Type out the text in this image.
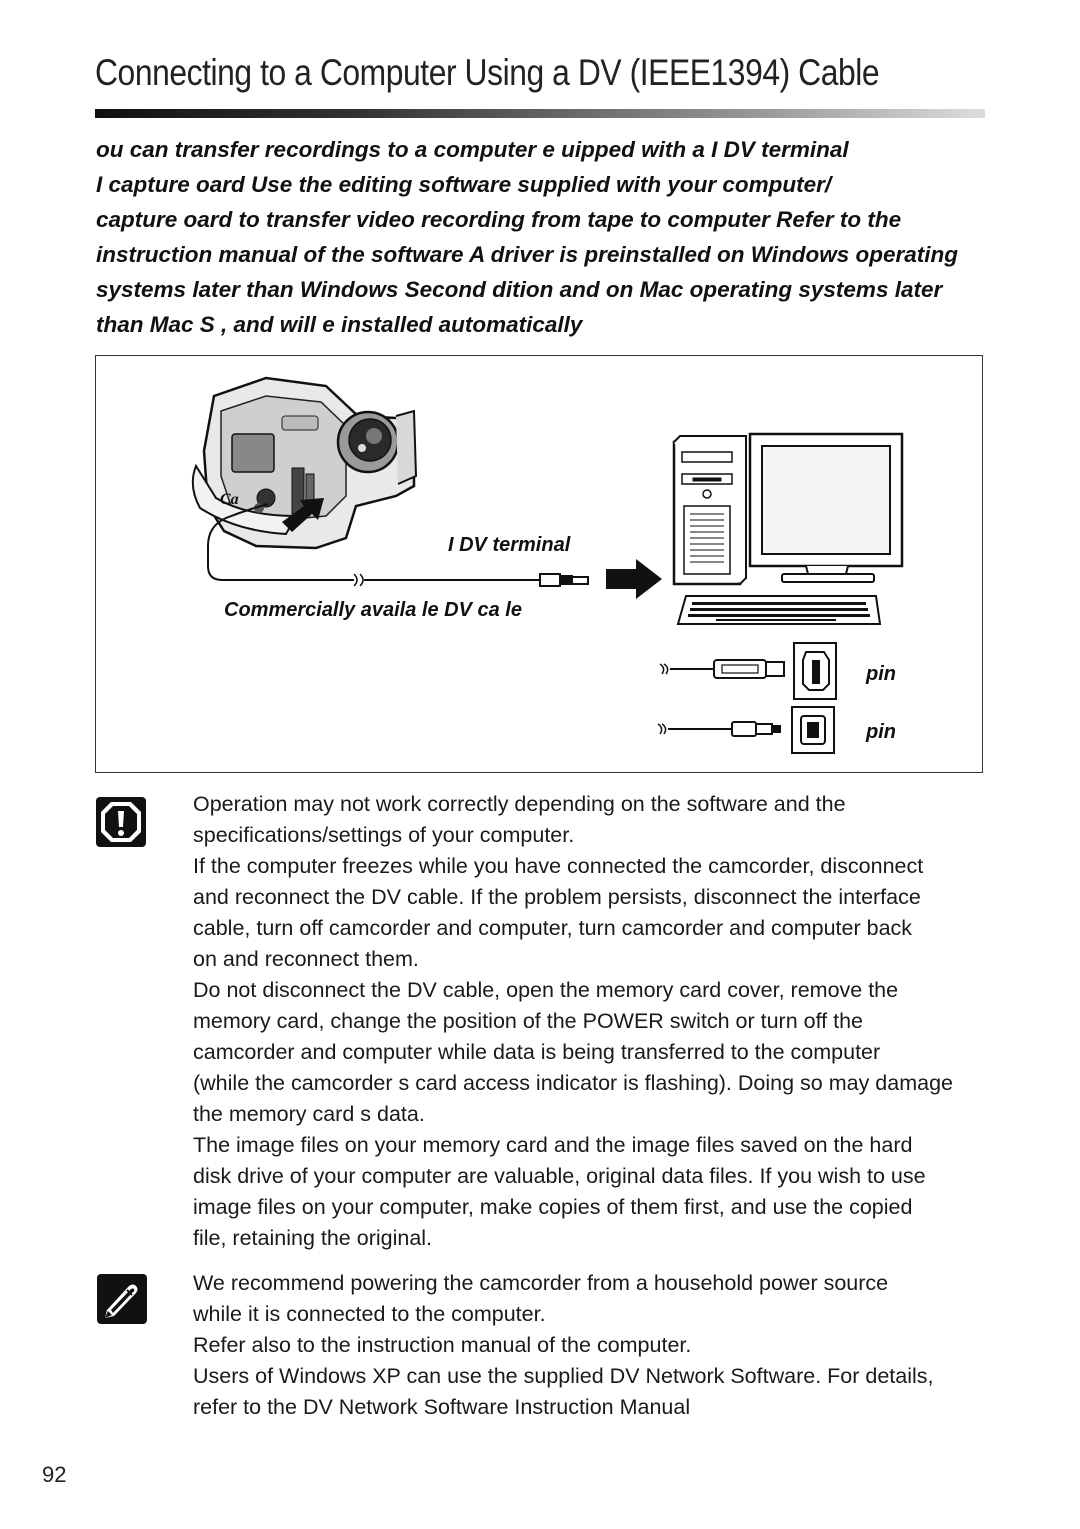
Connecting to a Computer Using a DV (IEEE1394) Cable
ou can transfer recordings to a computer e uipped with a I DV terminal
I capture oard Use the editing software supplied with your computer/
capture oard to transfer video recording from tape to computer Refer to the
instruction manual of the software A driver is preinstalled on Windows operating
systems later than Windows Second dition and on Mac operating systems later
than Mac S , and will e installed automatically
Ca
I DV terminal
Commercially availa le DV ca le
pin
pin
Operation may not work correctly depending on the software and the
specifications/settings of your computer.
If the computer freezes while you have connected the camcorder, disconnect
and reconnect the DV cable. If the problem persists, disconnect the interface
cable, turn off camcorder and computer, turn camcorder and computer back
on and reconnect them.
Do not disconnect the DV cable, open the memory card cover, remove the
memory card, change the position of the POWER switch or turn off the
camcorder and computer while data is being transferred to the computer
(while the camcorder s card access indicator is flashing). Doing so may damage
the memory card s data.
The image files on your memory card and the image files saved on the hard
disk drive of your computer are valuable, original data files. If you wish to use
image files on your computer, make copies of them first, and use the copied
file, retaining the original.
We recommend powering the camcorder from a household power source
while it is connected to the computer.
Refer also to the instruction manual of the computer.
Users of Windows XP can use the supplied DV Network Software. For details,
refer to the DV Network Software Instruction Manual
92
